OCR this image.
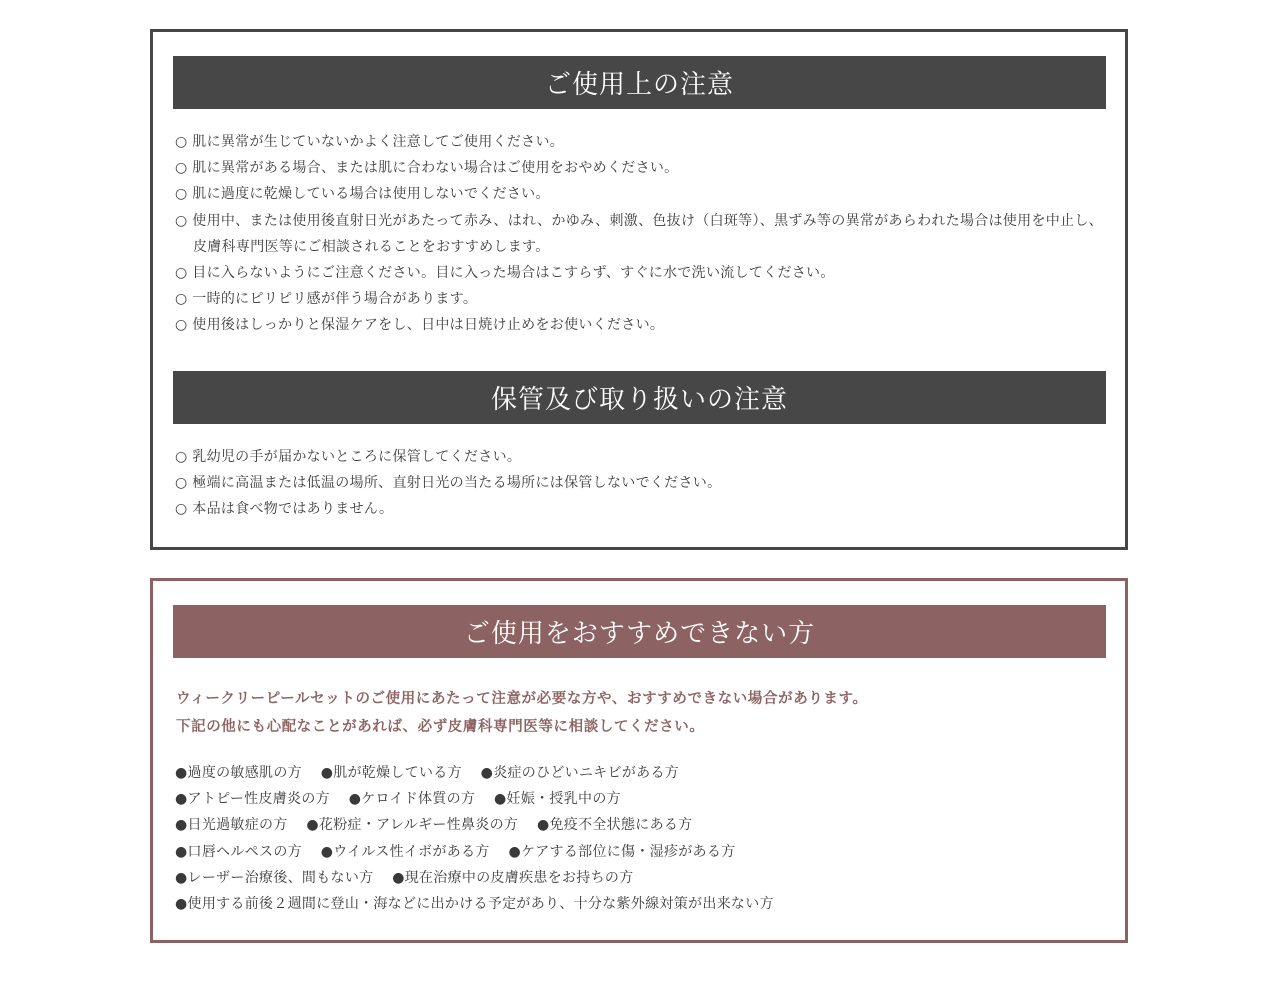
ご使用上の注意
○ 肌に異常が生じていないかよく注意してご使用ください。
○ 肌に異常がある場合、または肌に合わない場合はご使用をおやめください。
○ 肌に過度に乾燥している場合は使用しないでください。
○ 使用中、または使用後直射日光があたって赤み、はれ、かゆみ、刺激、色抜け（白斑等）、黒ずみ等の異常があらわれた場合は使用を中止し、皮膚科専門医等にご相談されることをおすすめします。
○ 目に入らないようにご注意ください。目に入った場合はこすらず、すぐに水で洗い流してください。
○ 一時的にピリピリ感が伴う場合があります。
○ 使用後はしっかりと保湿ケアをし、日中は日焼け止めをお使いください。
保管及び取り扱いの注意
○ 乳幼児の手が届かないところに保管してください。
○ 極端に高温または低温の場所、直射日光の当たる場所には保管しないでください。
○ 本品は食べ物ではありません。
ご使用をおすすめできない方

ウィークリーピールセットのご使用にあたって注意が必要な方や、おすすめできない場合があります。

下記の他にも心配なことがあれば、必ず皮膚科専門医等に相談してください。

●過度の敏感肌の方 ●肌が乾燥している方 ●炎症のひどいニキビがある方
●アトピー性皮膚炎の方 ●ケロイド体質の方 ●妊娠・授乳中の方
●日光過敏症の方 ●花粉症・アレルギー性鼻炎の方 ●免疫不全状態にある方
●口唇ヘルペスの方 ●ウイルス性イボがある方 ●ケアする部位に傷・湿疹がある方
●レーザー治療後、間もない方 ●現在治療中の皮膚疾患をお持ちの方
●使用する前後２週間に登山・海などに出かける予定があり、十分な紫外線対策が出来ない方
